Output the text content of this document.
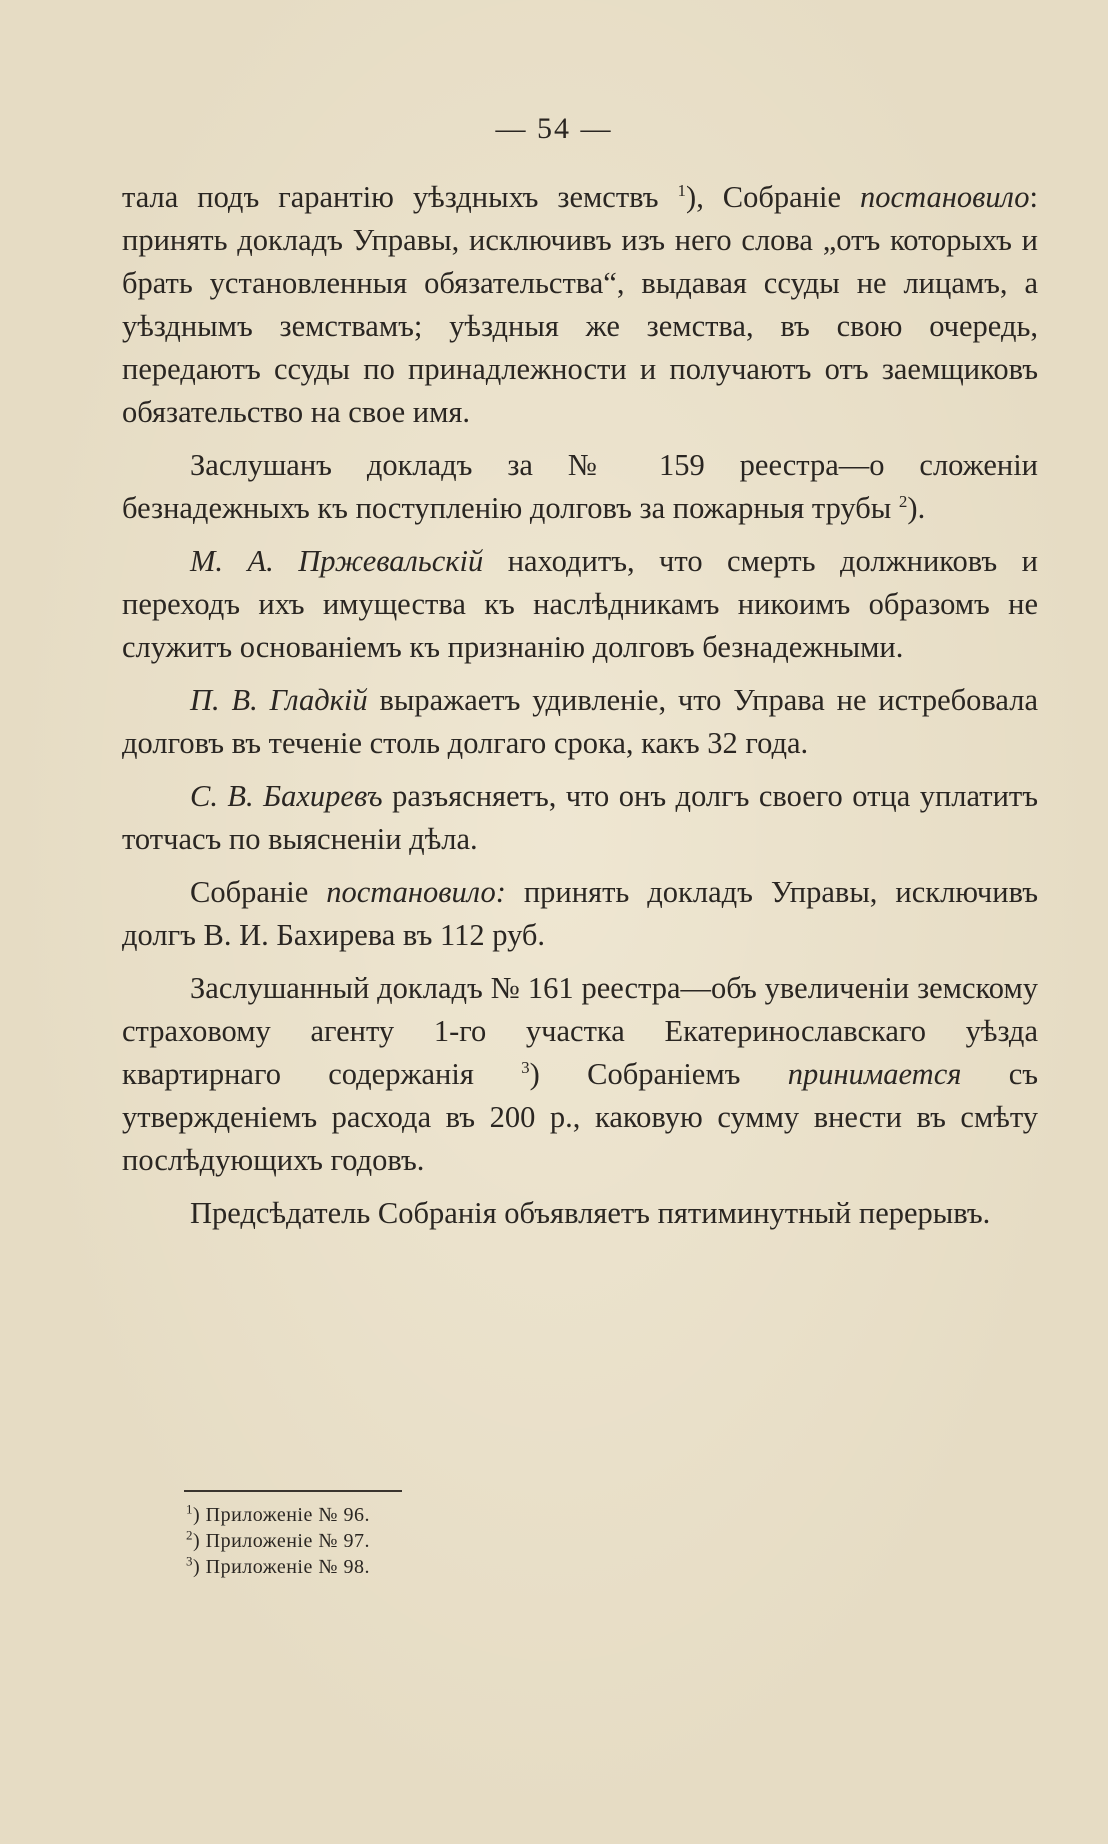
— 54 —

тала подъ гарантію уѣздныхъ земствъ $^1$), Собраніе постановило: принять докладъ Управы, исключивъ изъ него слова „отъ которыхъ и брать установленныя обязательства“, выдавая ссуды не лицамъ, а уѣзднымъ земствамъ; уѣздныя же земства, въ свою очередь, передаютъ ссуды по принадлежности и получаютъ отъ заемщиковъ обязательство на свое имя.

Заслушанъ докладъ за № 159 реестра—о сложеніи безнадежныхъ къ поступленію долговъ за пожарныя трубы $^2$).

М. А. Пржевальскій находитъ, что смерть должниковъ и переходъ ихъ имущества къ наслѣдникамъ никоимъ образомъ не служитъ основаніемъ къ признанію долговъ безнадежными.

П. В. Гладкій выражаетъ удивленіе, что Управа не истребовала долговъ въ теченіе столь долгаго срока, какъ 32 года.

С. В. Бахиревъ разъясняетъ, что онъ долгъ своего отца уплатитъ тотчасъ по выясненіи дѣла.

Собраніе постановило: принять докладъ Управы, исключивъ долгъ В. И. Бахирева въ 112 руб.

Заслушанный докладъ № 161 реестра—объ увеличеніи земскому страховому агенту 1-го участка Екатеринославскаго уѣзда квартирнаго содержанія $^3$) Собраніемъ принимается съ утвержденіемъ расхода въ 200 р., каковую сумму внести въ смѣту послѣдующихъ годовъ.

Предсѣдатель Собранія объявляетъ пятиминутный перерывъ.

$^1$) Приложеніе № 96.

$^2$) Приложеніе № 97.

$^3$) Приложеніе № 98.
